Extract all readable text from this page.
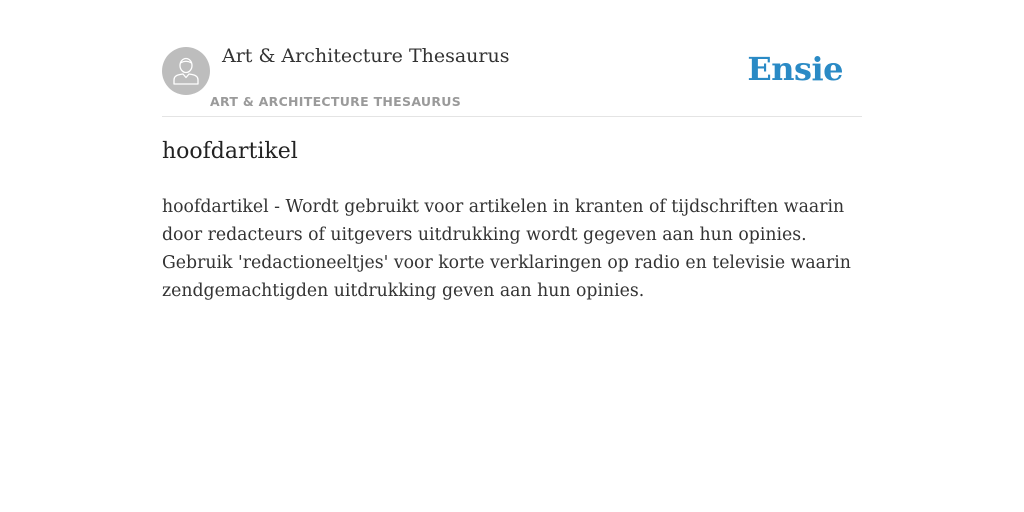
Art & Architecture Thesaurus
ART & ARCHITECTURE THESAURUS
Ensie
hoofdartikel

hoofdartikel - Wordt gebruikt voor artikelen in kranten of tijdschriften waarin door redacteurs of uitgevers uitdrukking wordt gegeven aan hun opinies. Gebruik 'redactioneeltjes' voor korte verklaringen op radio en televisie waarin zendgemachtigden uitdrukking geven aan hun opinies.
